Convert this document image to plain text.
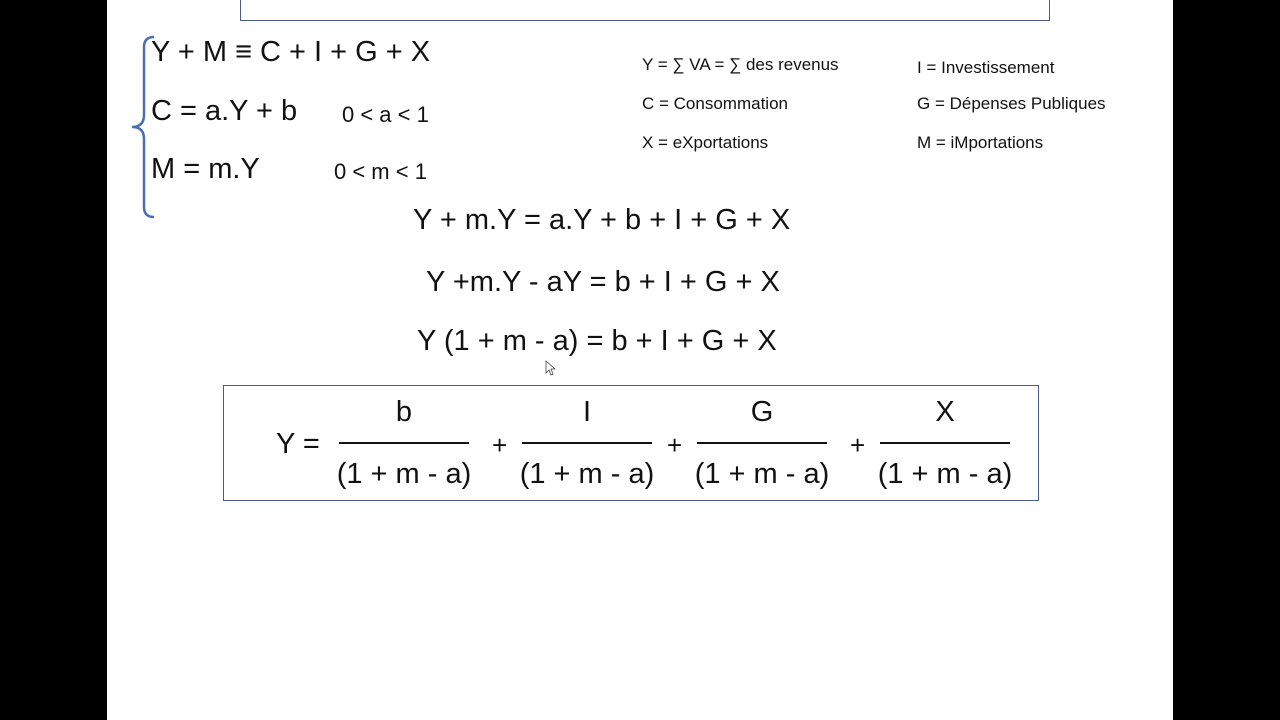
Y + M ≡ C + I + G + X
C = a.Y + b 0 < a < 1
M = m.Y	0 < m < 1
Y = ∑ VA = ∑ des revenus	I = Investissement
C = Consommation	G = Dépenses Publiques
X = eXportations	M = iMportations
Y + m.Y = a.Y + b + I + G + X
Y +m.Y - aY = b + I + G + X
Y (1 + m - a) = b + I + G + X
Y =
b
(1 + m - a)
+
I
(1 + m - a)
+
G
(1 + m - a)
+
X
(1 + m - a)
